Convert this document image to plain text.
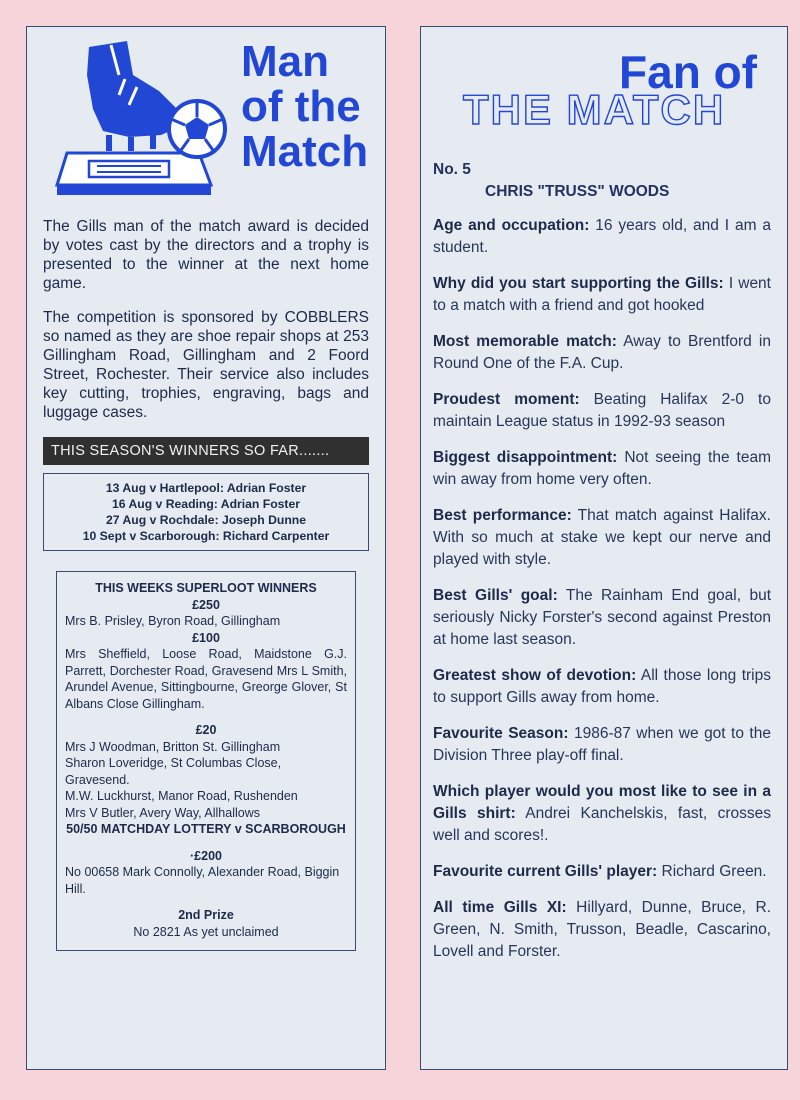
Man
of the
Match

The Gills man of the match award is decided by votes cast by the directors and a trophy is presented to the winner at the next home game.

The competition is sponsored by COBBLERS so named as they are shoe repair shops at 253 Gillingham Road, Gillingham and 2 Foord Street, Rochester. Their service also includes key cutting, trophies, engraving, bags and luggage cases.

THIS SEASON'S WINNERS SO FAR.......
13 Aug v Hartlepool: Adrian Foster
16 Aug v Reading: Adrian Foster
27 Aug v Rochdale: Joseph Dunne
10 Sept v Scarborough: Richard Carpenter
THIS WEEKS SUPERLOOT WINNERS
£250
Mrs B. Prisley, Byron Road, Gillingham
£100
Mrs Sheffield, Loose Road, Maidstone G.J. Parrett, Dorchester Road, Gravesend Mrs L Smith, Arundel Avenue, Sittingbourne, Greorge Glover, St Albans Close Gillingham.
£20
Mrs J Woodman, Britton St. Gillingham
Sharon Loveridge, St Columbas Close, Gravesend.
M.W. Luckhurst, Manor Road, Rushenden
Mrs V Butler, Avery Way, Allhallows
50/50 MATCHDAY LOTTERY v SCARBOROUGH
·£200
No 00658 Mark Connolly, Alexander Road, Biggin Hill.
2nd Prize
No 2821 As yet unclaimed
Fan of
THE MATCH
No. 5
CHRIS "TRUSS" WOODS

Age and occupation: 16 years old, and I am a student.

Why did you start supporting the Gills: I went to a match with a friend and got hooked

Most memorable match: Away to Brentford in Round One of the F.A. Cup.

Proudest moment: Beating Halifax 2-0 to maintain League status in 1992-93 season

Biggest disappointment: Not seeing the team win away from home very often.

Best performance: That match against Halifax. With so much at stake we kept our nerve and played with style.

Best Gills' goal: The Rainham End goal, but seriously Nicky Forster's second against Preston at home last season.

Greatest show of devotion: All those long trips to support Gills away from home.

Favourite Season: 1986-87 when we got to the Division Three play-off final.

Which player would you most like to see in a Gills shirt: Andrei Kanchelskis, fast, crosses well and scores!.

Favourite current Gills' player: Richard Green.

All time Gills XI: Hillyard, Dunne, Bruce, R. Green, N. Smith, Trusson, Beadle, Cascarino, Lovell and Forster.
